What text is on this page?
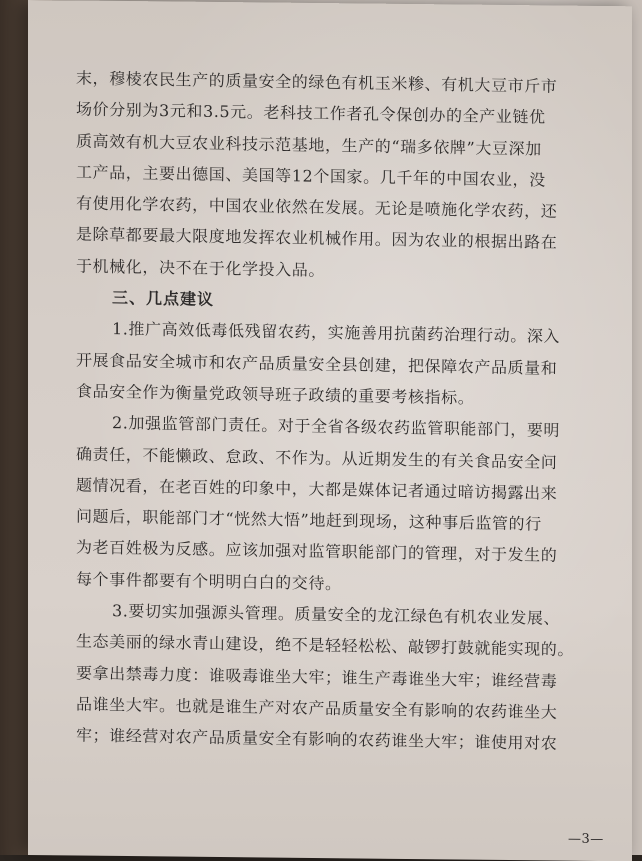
末，穆棱农民生产的质量安全的绿色有机玉米糁、有机大豆市斤市
场价分别为3元和3.5元。老科技工作者孔令保创办的全产业链优
质高效有机大豆农业科技示范基地，生产的“瑞多依牌”大豆深加
工产品，主要出德国、美国等12个国家。几千年的中国农业，没
有使用化学农药，中国农业依然在发展。无论是喷施化学农药，还
是除草都要最大限度地发挥农业机械作用。因为农业的根据出路在
于机械化，决不在于化学投入品。
三、几点建议
1.推广高效低毒低残留农药，实施善用抗菌药治理行动。深入
开展食品安全城市和农产品质量安全县创建，把保障农产品质量和
食品安全作为衡量党政领导班子政绩的重要考核指标。
2.加强监管部门责任。对于全省各级农药监管职能部门，要明
确责任，不能懒政、怠政、不作为。从近期发生的有关食品安全问
题情况看，在老百姓的印象中，大都是媒体记者通过暗访揭露出来
问题后，职能部门才“恍然大悟”地赶到现场，这种事后监管的行
为老百姓极为反感。应该加强对监管职能部门的管理，对于发生的
每个事件都要有个明明白白的交待。
3.要切实加强源头管理。质量安全的龙江绿色有机农业发展、
生态美丽的绿水青山建设，绝不是轻轻松松、敲锣打鼓就能实现的。
要拿出禁毒力度：谁吸毒谁坐大牢；谁生产毒谁坐大牢；谁经营毒
品谁坐大牢。也就是谁生产对农产品质量安全有影响的农药谁坐大
牢；谁经营对农产品质量安全有影响的农药谁坐大牢；谁使用对农
—3—
